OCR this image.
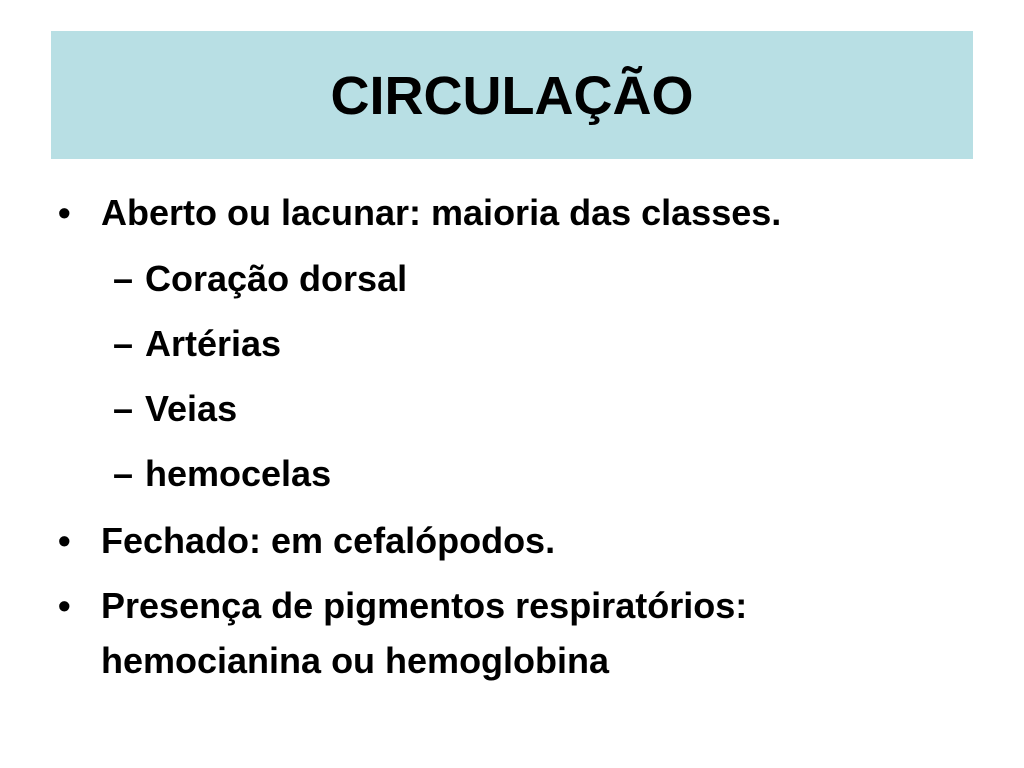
CIRCULAÇÃO
• Aberto ou lacunar: maioria das classes.
– Coração dorsal
– Artérias
– Veias
– hemocelas
• Fechado: em cefalópodos.
• Presença de pigmentos respiratórios:
hemocianina ou hemoglobina
